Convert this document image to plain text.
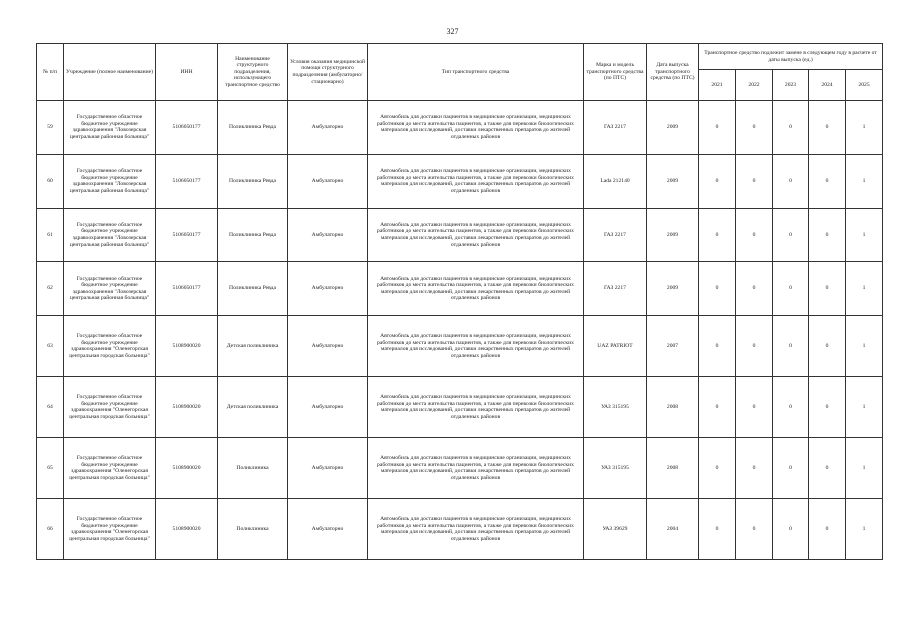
327
№ п/п	Учреждение (полное наименование)	ИНН	Наименование структурного подразделения, использующего транспортное средство	Условия оказания медицинской помощи структурного подразделения (амбулаторно/ стационарно)	Тип транспортного средства	Марка и модель транспортного средства (по ПТС)	Дата выпуска транспортного средства (по ПТС)	Транспортное средство подлежит замене в следующем году в расчете от даты выпуска (ед.)				
								2021	2022	2023	2024	2025
59	Государственное областное бюджетное учреждение здравоохранения "Ловозерская центральная районная больница"	5106050177	Поликлиника Ревда	Амбулаторно	Автомобиль для доставки пациентов в медицинские организации, медицинских работников до места жительства пациентов, а также для перевозки биологических материалов для исследований, доставки лекарственных препаратов до жителей отдаленных районов	ГАЗ 2217	2009	0	0	0	0	1
60	Государственное областное бюджетное учреждение здравоохранения "Ловозерская центральная районная больница"	5106050177	Поликлиника Ревда	Амбулаторно	Автомобиль для доставки пациентов в медицинские организации, медицинских работников до места жительства пациентов, а также для перевозки биологических материалов для исследований, доставки лекарственных препаратов до жителей отдаленных районов	Lada 212140	2009	0	0	0	0	1
61	Государственное областное бюджетное учреждение здравоохранения "Ловозерская центральная районная больница"	5106050177	Поликлиника Ревда	Амбулаторно	Автомобиль для доставки пациентов в медицинские организации, медицинских работников до места жительства пациентов, а также для перевозки биологических материалов для исследований, доставки лекарственных препаратов до жителей отдаленных районов	ГАЗ 2217	2009	0	0	0	0	1
62	Государственное областное бюджетное учреждение здравоохранения "Ловозерская центральная районная больница"	5106050177	Поликлиника Ревда	Амбулаторно	Автомобиль для доставки пациентов в медицинские организации, медицинских работников до места жительства пациентов, а также для перевозки биологических материалов для исследований, доставки лекарственных препаратов до жителей отдаленных районов	ГАЗ 2217	2009	0	0	0	0	1
63	Государственное областное бюджетное учреждение здравоохранения "Оленегорская центральная городская больница"	5108900020	Детская поликлиника	Амбулаторно	Автомобиль для доставки пациентов в медицинские организации, медицинских работников до места жительства пациентов, а также для перевозки биологических материалов для исследований, доставки лекарственных препаратов до жителей отдаленных районов	UAZ PATRIOT	2007	0	0	0	0	1
64	Государственное областное бюджетное учреждение здравоохранения "Оленегорская центральная городская больница"	5108900020	Детская поликлиника	Амбулаторно	Автомобиль для доставки пациентов в медицинские организации, медицинских работников до места жительства пациентов, а также для перевозки биологических материалов для исследований, доставки лекарственных препаратов до жителей отдаленных районов	УАЗ 315195	2008	0	0	0	0	1
65	Государственное областное бюджетное учреждение здравоохранения "Оленегорская центральная городская больница"	5108900020	Поликлиника	Амбулаторно	Автомобиль для доставки пациентов в медицинские организации, медицинских работников до места жительства пациентов, а также для перевозки биологических материалов для исследований, доставки лекарственных препаратов до жителей отдаленных районов	УАЗ 315195	2008	0	0	0	0	1
66	Государственное областное бюджетное учреждение здравоохранения "Оленегорская центральная городская больница"	5108900020	Поликлиника	Амбулаторно	Автомобиль для доставки пациентов в медицинские организации, медицинских работников до места жительства пациентов, а также для перевозки биологических материалов для исследований, доставки лекарственных препаратов до жителей отдаленных районов	УАЗ 39629	2004	0	0	0	0	1
